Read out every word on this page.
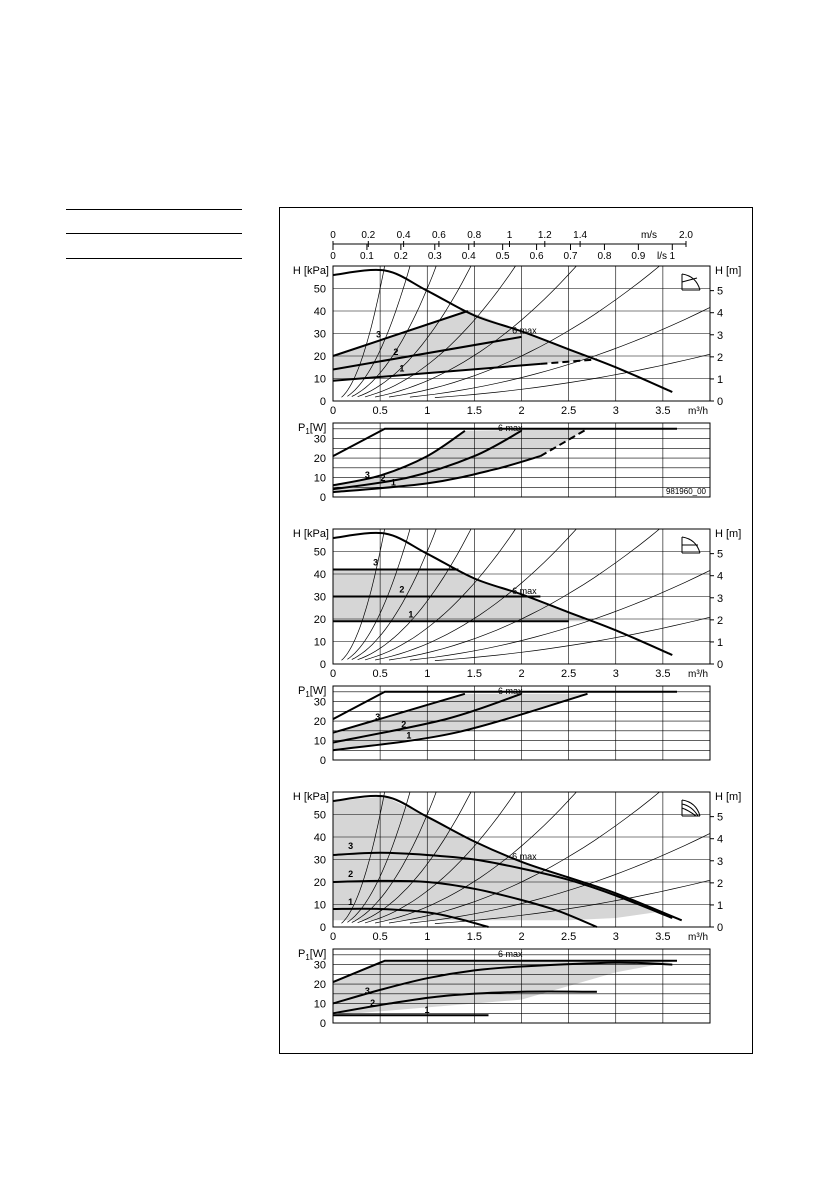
0	0.2 0.4 0.6 0.8	1	1.2 1.4	2.0
m/s
0 0.1 0.2 0.3 0.4 0.5 0.6 0.7 0.8 0.9 1
l/s
3
2
1
6 max
0
10
20
30
40
50
H [kPa]
0
1
2
3
4
5
H [m]
0	0.5	1	1.5	2	2.5	3	3.5 m³/h
3 2 1
6 max
0
10
20
30
$P_1[W]$
981960_00
3
2
1
6 max
0
10
20
30
40
50
H [kPa]
0
1
2
3
4
5
H [m]
0	0.5	1	1.5	2	2.5	3	3.5 m³/h
3
2
1
6 max
0
10
20
30
$P_1[W]$
3
2
1
6 max
0
10
20
30
40
50
H [kPa]
0
1
2
3
4
5
H [m]
0	0.5	1	1.5	2	2.5	3	3.5 m³/h
3
2
1
6 max
0
10
20
30
$P_1[W]$
